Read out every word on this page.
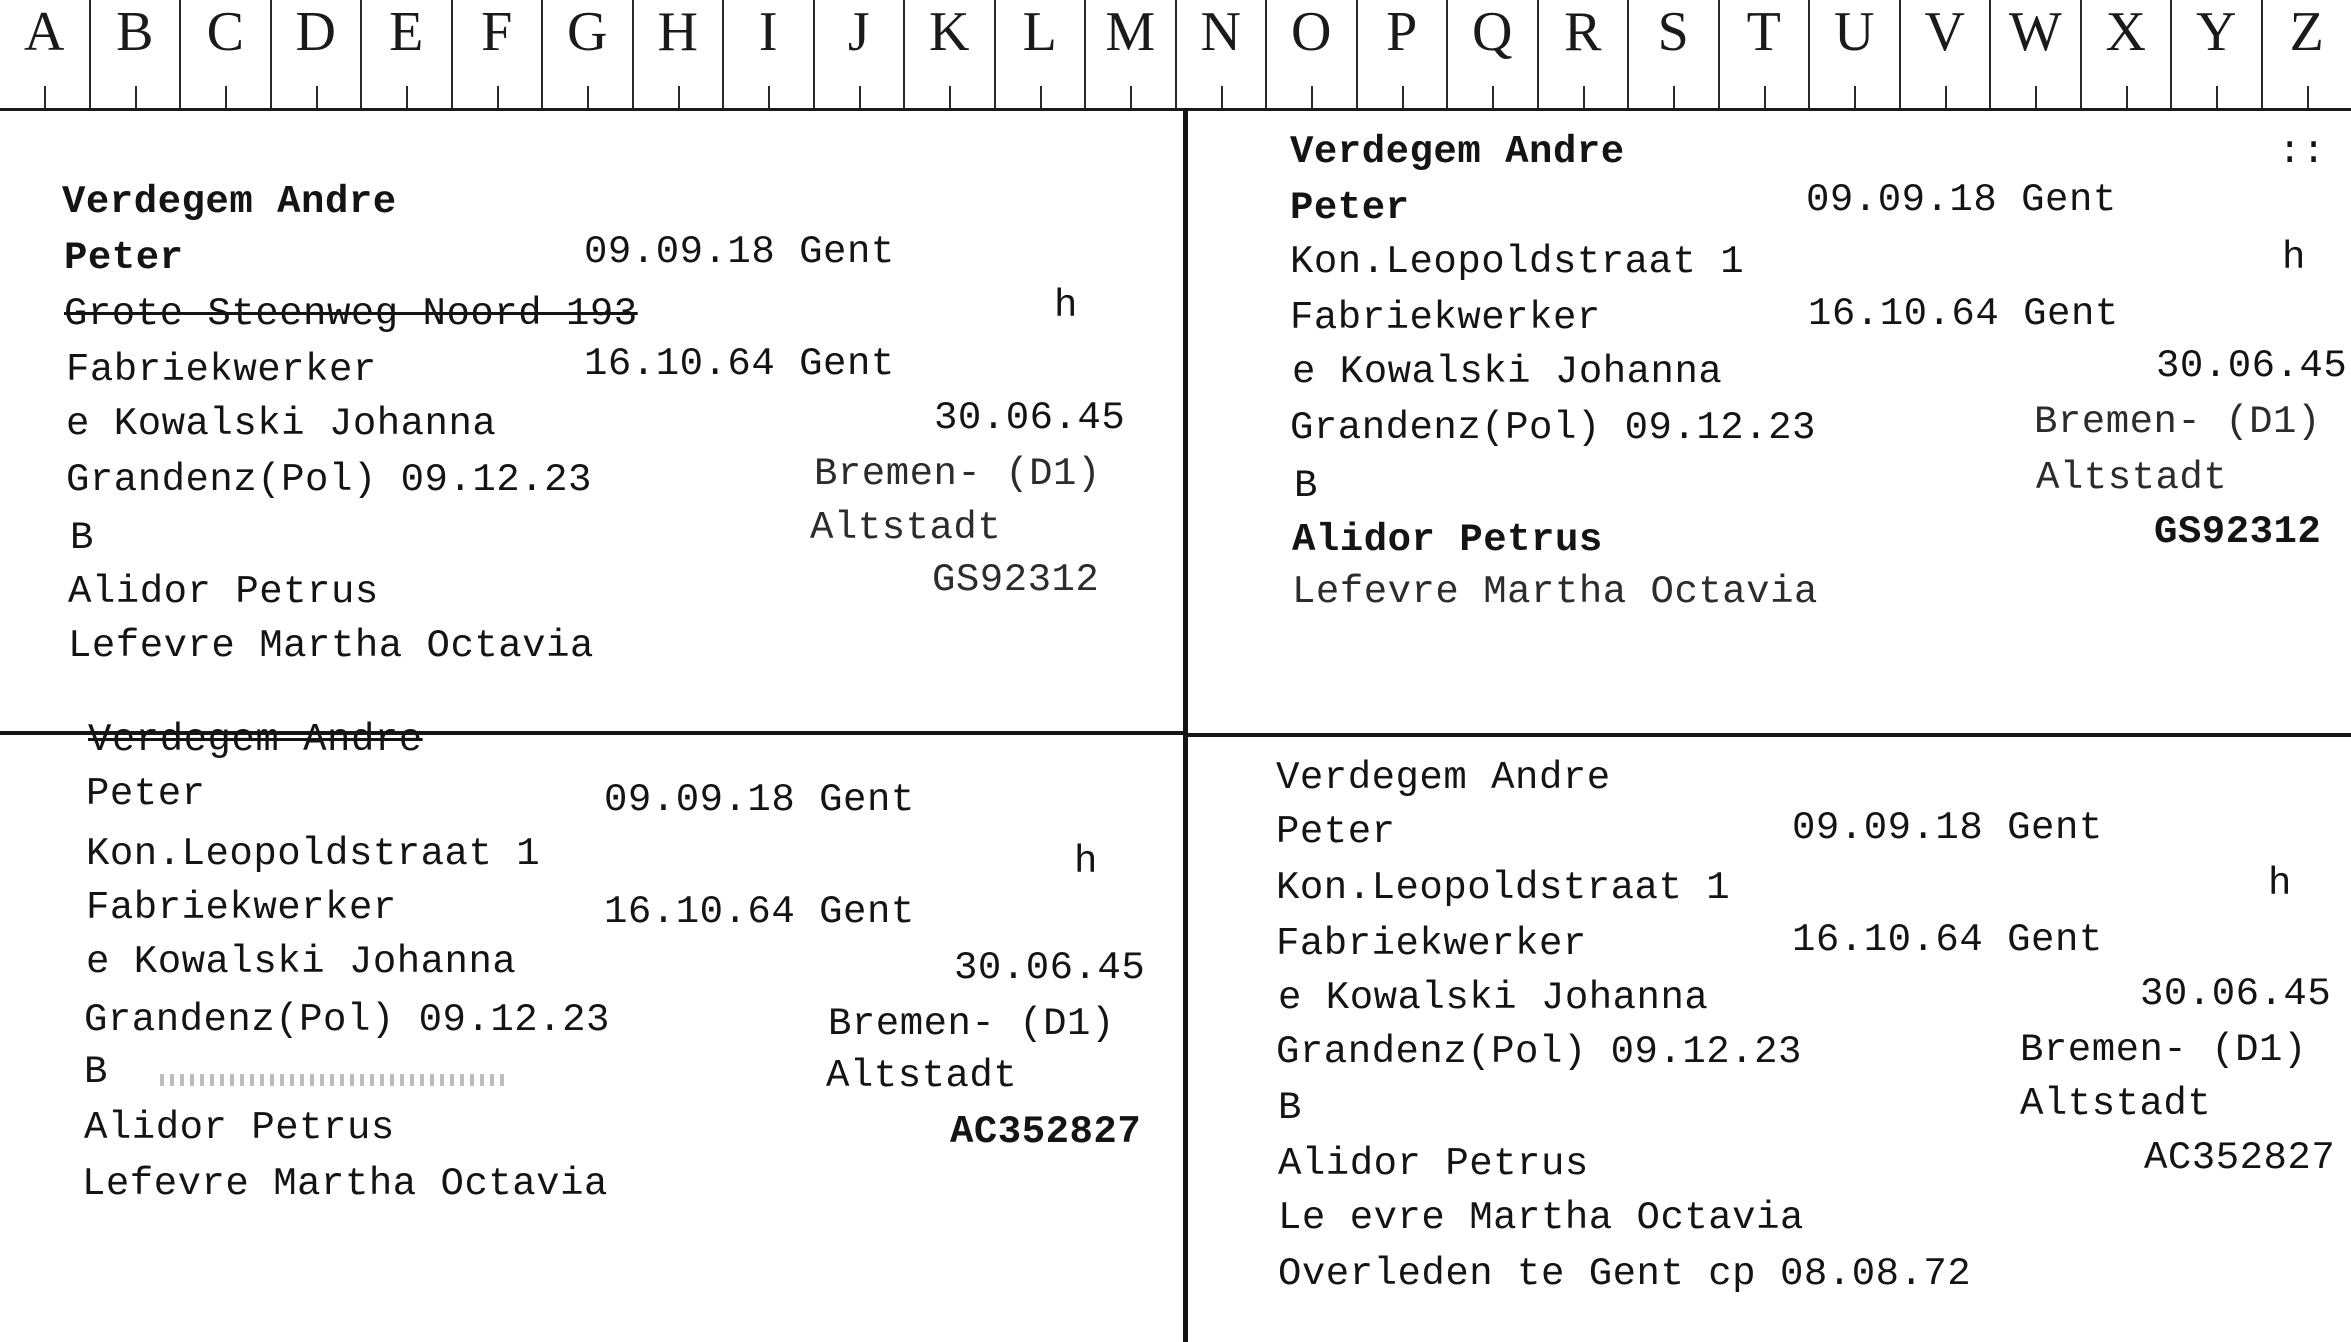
A B C D E	F G H	I	J	K L M N O P Q R	S	T U V W X Y Z
Verdegem Andre
Peter	09.09.18 Gent
Grote Steenweg Noord 193	h
Fabriekwerker	16.10.64 Gent
e Kowalski Johanna	30.06.45
Grandenz(Pol) 09.12.23	Bremen- (D1)
B	Altstadt
Alidor Petrus	GS92312
Lefevre Martha Octavia
Verdegem Andre	::
Peter	09.09.18 Gent
Kon.Leopoldstraat 1	h
Fabriekwerker	16.10.64 Gent
e Kowalski Johanna	30.06.45
Grandenz(Pol) 09.12.23	Bremen- (D1)
B	Altstadt
Alidor Petrus	GS92312
Lefevre Martha Octavia
Verdegem Andre
Peter	09.09.18 Gent
Kon.Leopoldstraat 1	h
Fabriekwerker	16.10.64 Gent
e Kowalski Johanna	30.06.45
Grandenz(Pol) 09.12.23	Bremen- (D1)
B	Altstadt
Alidor Petrus	AC352827
Lefevre Martha Octavia
Verdegem Andre
Peter	09.09.18 Gent
Kon.Leopoldstraat 1	h
Fabriekwerker	16.10.64 Gent
e Kowalski Johanna	30.06.45
Grandenz(Pol) 09.12.23	Bremen- (D1)
B	Altstadt
Alidor Petrus	AC352827
Le evre Martha Octavia
Overleden te Gent cp 08.08.72
